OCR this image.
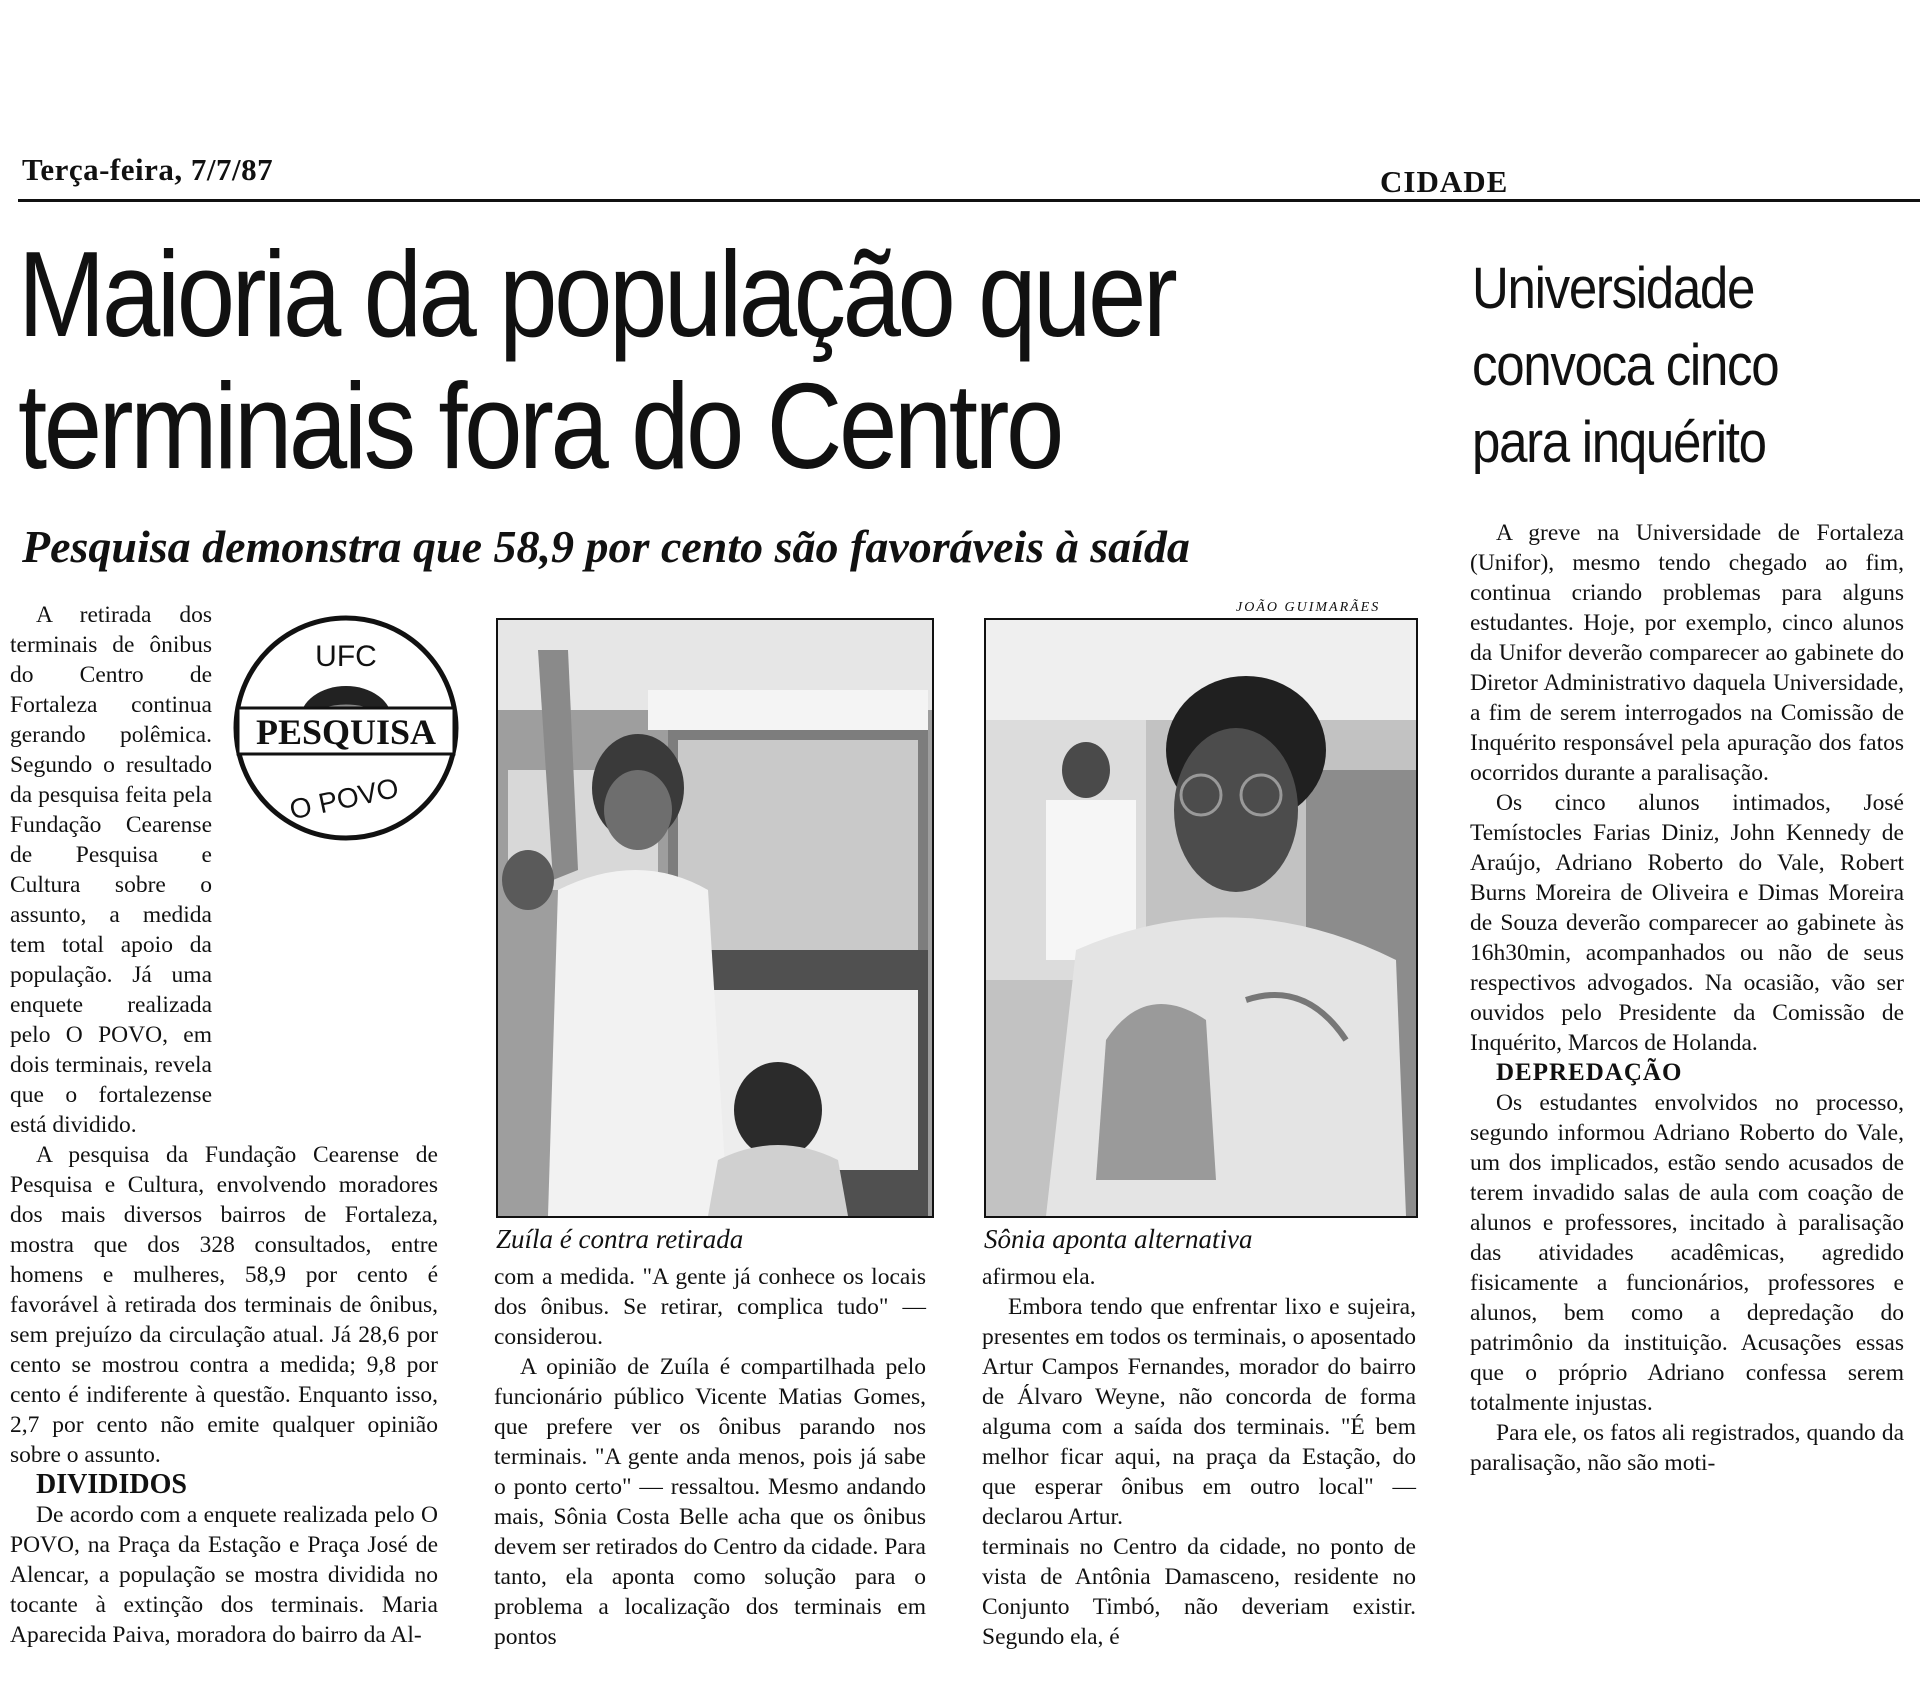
Terça-feira, 7/7/87	CIDADE
Maioria da população quer
terminais fora do Centro
Pesquisa demonstra que 58,9 por cento são favoráveis à saída
Universidade convoca cinco para inquérito
UFC
PESQUISA
O POVO

A retirada dos terminais de ônibus do Centro de Fortaleza continua gerando polêmica. Segundo o resultado da pesquisa feita pela Fundação Cearense de Pesquisa e Cultura sobre o assunto, a medida tem total apoio da população. Já uma enquete realizada pelo O POVO, em dois terminais, revela que o fortalezense está dividido.

A pesquisa da Fundação Cearense de Pesquisa e Cultura, envolvendo moradores dos mais diversos bairros de Fortaleza, mostra que dos 328 consultados, entre homens e mulheres, 58,9 por cento é favorável à retirada dos terminais de ônibus, sem prejuízo da circulação atual. Já 28,6 por cento se mostrou contra a medida; 9,8 por cento é indiferente à questão. Enquanto isso, 2,7 por cento não emite qualquer opinião sobre o assunto.

DIVIDIDOS

De acordo com a enquete realizada pelo O POVO, na Praça da Estação e Praça José de Alencar, a população se mostra dividida no tocante à extinção dos terminais. Maria Aparecida Paiva, moradora do bairro da Al-

JOÃO GUIMARÃES
Zuíla é contra retirada	Sônia aponta alternativa

com a medida. "A gente já conhece os locais dos ônibus. Se retirar, complica tudo" — considerou.

A opinião de Zuíla é compartilhada pelo funcionário público Vicente Matias Gomes, que prefere ver os ônibus parando nos terminais. "A gente anda menos, pois já sabe o ponto certo" — ressaltou. Mesmo andando mais, Sônia Costa Belle acha que os ônibus devem ser retirados do Centro da cidade. Para tanto, ela aponta como solução para o problema a localização dos terminais em pontos

afirmou ela.

Embora tendo que enfrentar lixo e sujeira, presentes em todos os terminais, o aposentado Artur Campos Fernandes, morador do bairro de Álvaro Weyne, não concorda de forma alguma com a saída dos terminais. "É bem melhor ficar aqui, na praça da Estação, do que esperar ônibus em outro local" — declarou Artur.

terminais no Centro da cidade, no ponto de vista de Antônia Damasceno, residente no Conjunto Timbó, não deveriam existir. Segundo ela, é

A greve na Universidade de Fortaleza (Unifor), mesmo tendo chegado ao fim, continua criando problemas para alguns estudantes. Hoje, por exemplo, cinco alunos da Unifor deverão comparecer ao gabinete do Diretor Administrativo daquela Universidade, a fim de serem interrogados na Comissão de Inquérito responsável pela apuração dos fatos ocorridos durante a paralisação.

Os cinco alunos intimados, José Temístocles Farias Diniz, John Kennedy de Araújo, Adriano Roberto do Vale, Robert Burns Moreira de Oliveira e Dimas Moreira de Souza deverão comparecer ao gabinete às 16h30min, acompanhados ou não de seus respectivos advogados. Na ocasião, vão ser ouvidos pelo Presidente da Comissão de Inquérito, Marcos de Holanda.

DEPREDAÇÃO

Os estudantes envolvidos no processo, segundo informou Adriano Roberto do Vale, um dos implicados, estão sendo acusados de terem invadido salas de aula com coação de alunos e professores, incitado à paralisação das atividades acadêmicas, agredido fisicamente a funcionários, professores e alunos, bem como a depredação do patrimônio da instituição. Acusações essas que o próprio Adriano confessa serem totalmente injustas.

Para ele, os fatos ali registrados, quando da paralisação, não são moti-
